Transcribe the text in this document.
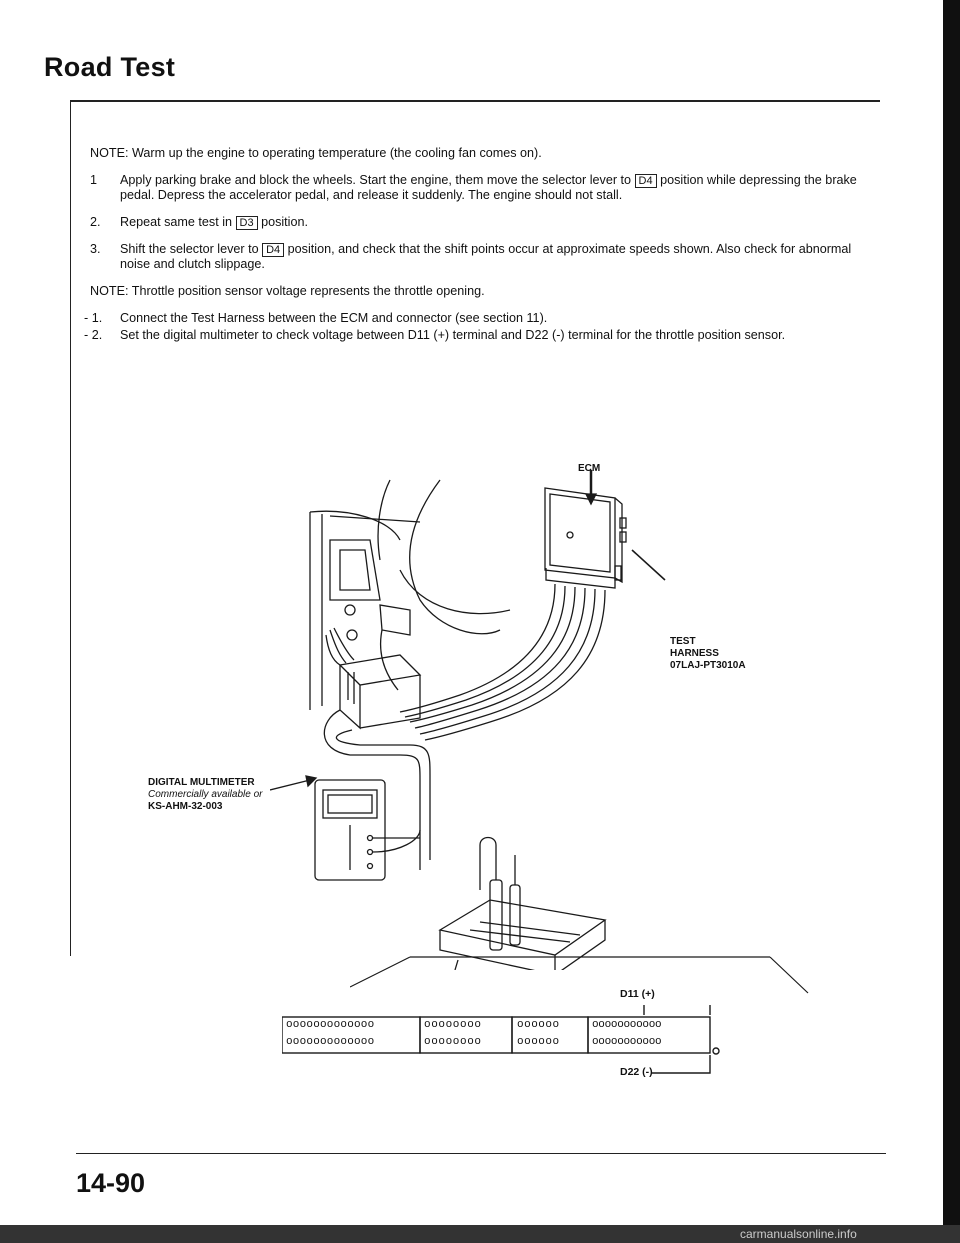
Road Test

NOTE: Warm up the engine to operating temperature (the cooling fan comes on).

1	Apply parking brake and block the wheels. Start the engine, them move the selector lever to D4 position while depressing the brake pedal. Depress the accelerator pedal, and release it suddenly. The engine should not stall.

2.	Repeat same test in D3 position.

3.	Shift the selector lever to D4 position, and check that the shift points occur at approximate speeds shown. Also check for abnormal noise and clutch slippage.

NOTE: Throttle position sensor voltage represents the throttle opening.

- 1.	Connect the Test Harness between the ECM and connector (see section 11).

- 2.	Set the digital multimeter to check voltage between D11 (+) terminal and D22 (-) terminal for the throttle position sensor.

ECM
TEST
HARNESS
07LAJ-PT3010A
DIGITAL MULTIMETER
Commercially available or
KS-AHM-32-003
ooooooooooooo
ooooooooooooo
oooooooo
oooooooo
oooooo
oooooo
ooooooooooo
ooooooooooo
D11 (+)
D22 (-)
14-90
carmanualsonline.info
